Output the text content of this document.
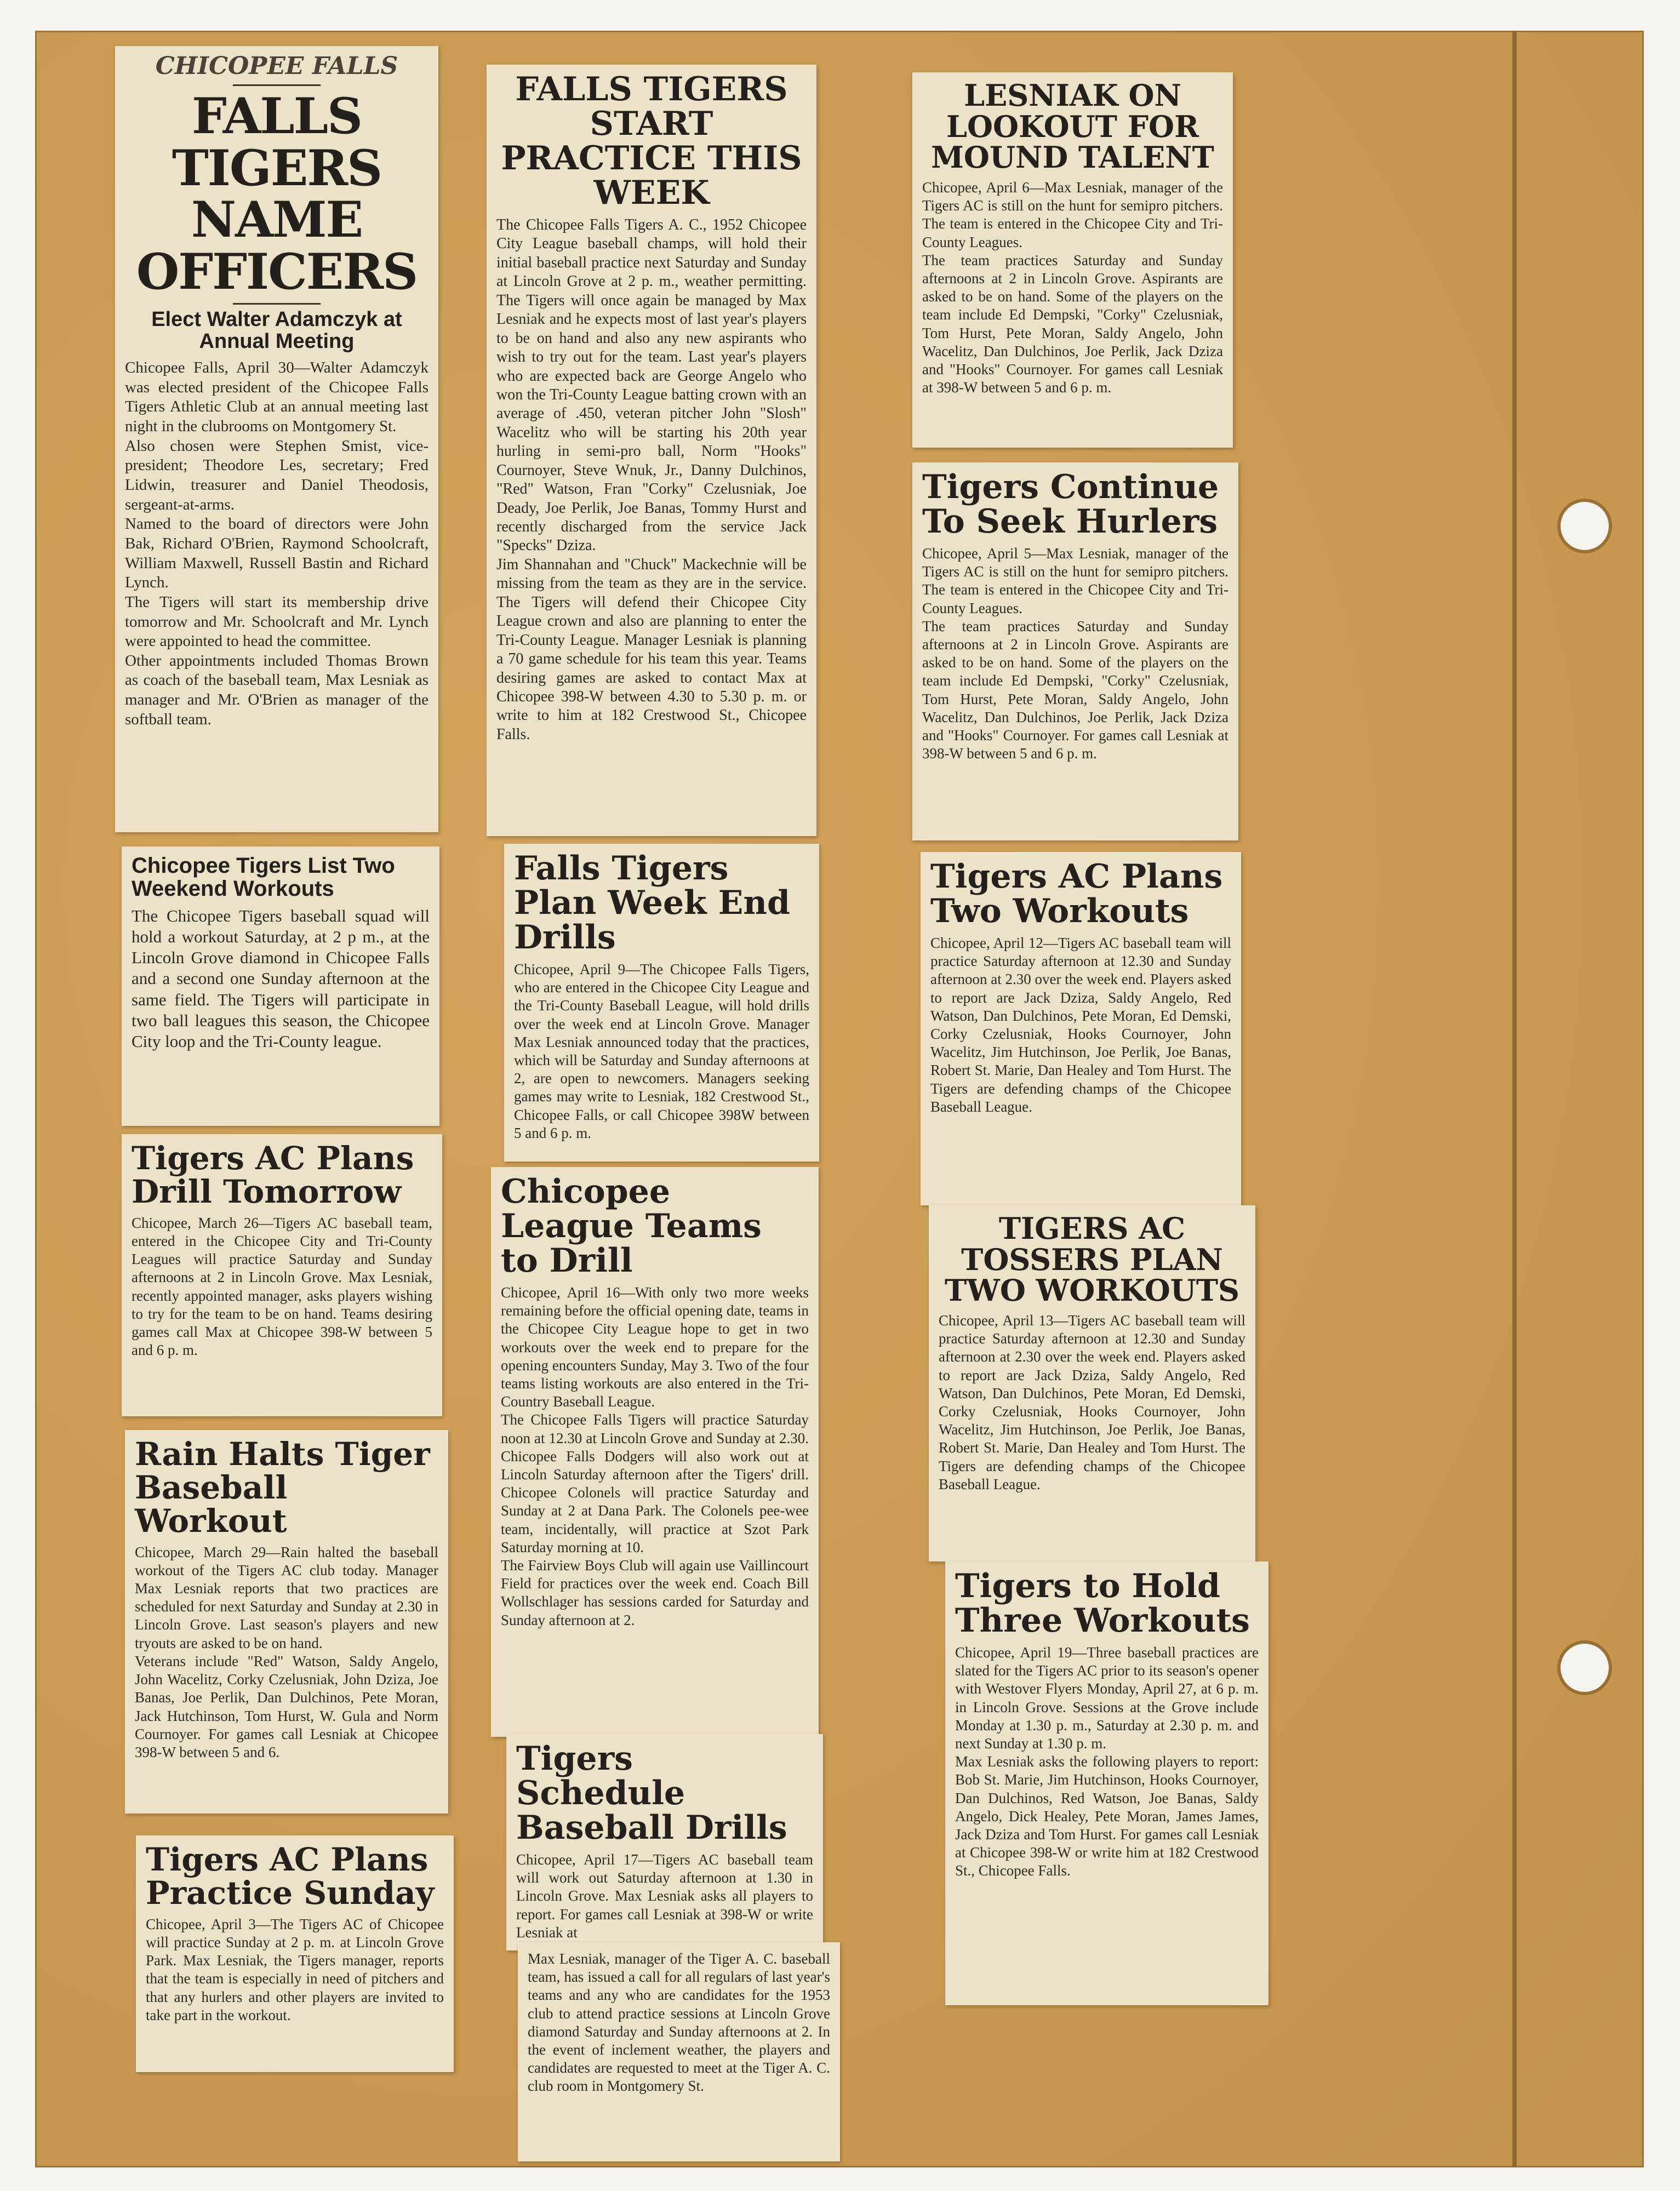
CHICOPEE FALLS
FALLS TIGERS NAME OFFICERS
Elect Walter Adamczyk at Annual Meeting

Chicopee Falls, April 30—Walter Adamczyk was elected president of the Chicopee Falls Tigers Athletic Club at an annual meeting last night in the clubrooms on Montgomery St.
Also chosen were Stephen Smist, vice-president; Theodore Les, secretary; Fred Lidwin, treasurer and Daniel Theodosis, sergeant-at-arms.
Named to the board of directors were John Bak, Richard O'Brien, Raymond Schoolcraft, William Maxwell, Russell Bastin and Richard Lynch.
The Tigers will start its membership drive tomorrow and Mr. Schoolcraft and Mr. Lynch were appointed to head the committee.
Other appointments included Thomas Brown as coach of the baseball team, Max Lesniak as manager and Mr. O'Brien as manager of the softball team.

Chicopee Tigers List Two Weekend Workouts

The Chicopee Tigers baseball squad will hold a workout Saturday, at 2 p m., at the Lincoln Grove diamond in Chicopee Falls and a second one Sunday afternoon at the same field. The Tigers will participate in two ball leagues this season, the Chicopee City loop and the Tri-County league.

Tigers AC Plans Drill Tomorrow

Chicopee, March 26—Tigers AC baseball team, entered in the Chicopee City and Tri-County Leagues will practice Saturday and Sunday afternoons at 2 in Lincoln Grove. Max Lesniak, recently appointed manager, asks players wishing to try for the team to be on hand. Teams desiring games call Max at Chicopee 398-W between 5 and 6 p. m.

Rain Halts Tiger Baseball Workout

Chicopee, March 29—Rain halted the baseball workout of the Tigers AC club today. Manager Max Lesniak reports that two practices are scheduled for next Saturday and Sunday at 2.30 in Lincoln Grove. Last season's players and new tryouts are asked to be on hand.
Veterans include "Red" Watson, Saldy Angelo, John Wacelitz, Corky Czelusniak, John Dziza, Joe Banas, Joe Perlik, Dan Dulchinos, Pete Moran, Jack Hutchinson, Tom Hurst, W. Gula and Norm Cournoyer. For games call Lesniak at Chicopee 398-W between 5 and 6.

Tigers AC Plans Practice Sunday

Chicopee, April 3—The Tigers AC of Chicopee will practice Sunday at 2 p. m. at Lincoln Grove Park. Max Lesniak, the Tigers manager, reports that the team is especially in need of pitchers and that any hurlers and other players are invited to take part in the workout.

FALLS TIGERS START PRACTICE THIS WEEK

The Chicopee Falls Tigers A. C., 1952 Chicopee City League baseball champs, will hold their initial baseball practice next Saturday and Sunday at Lincoln Grove at 2 p. m., weather permitting. The Tigers will once again be managed by Max Lesniak and he expects most of last year's players to be on hand and also any new aspirants who wish to try out for the team. Last year's players who are expected back are George Angelo who won the Tri-County League batting crown with an average of .450, veteran pitcher John "Slosh" Wacelitz who will be starting his 20th year hurling in semi-pro ball, Norm "Hooks" Cournoyer, Steve Wnuk, Jr., Danny Dulchinos, "Red" Watson, Fran "Corky" Czelusniak, Joe Deady, Joe Perlik, Joe Banas, Tommy Hurst and recently discharged from the service Jack "Specks" Dziza.
Jim Shannahan and "Chuck" Mackechnie will be missing from the team as they are in the service. The Tigers will defend their Chicopee City League crown and also are planning to enter the Tri-County League. Manager Lesniak is planning a 70 game schedule for his team this year. Teams desiring games are asked to contact Max at Chicopee 398-W between 4.30 to 5.30 p. m. or write to him at 182 Crestwood St., Chicopee Falls.

Falls Tigers Plan Week End Drills

Chicopee, April 9—The Chicopee Falls Tigers, who are entered in the Chicopee City League and the Tri-County Baseball League, will hold drills over the week end at Lincoln Grove. Manager Max Lesniak announced today that the practices, which will be Saturday and Sunday afternoons at 2, are open to newcomers. Managers seeking games may write to Lesniak, 182 Crestwood St., Chicopee Falls, or call Chicopee 398W between 5 and 6 p. m.

Chicopee League Teams to Drill

Chicopee, April 16—With only two more weeks remaining before the official opening date, teams in the Chicopee City League hope to get in two workouts over the week end to prepare for the opening encounters Sunday, May 3. Two of the four teams listing workouts are also entered in the Tri-Country Baseball League.
The Chicopee Falls Tigers will practice Saturday noon at 12.30 at Lincoln Grove and Sunday at 2.30. Chicopee Falls Dodgers will also work out at Lincoln Saturday afternoon after the Tigers' drill. Chicopee Colonels will practice Saturday and Sunday at 2 at Dana Park. The Colonels pee-wee team, incidentally, will practice at Szot Park Saturday morning at 10.
The Fairview Boys Club will again use Vaillincourt Field for practices over the week end. Coach Bill Wollschlager has sessions carded for Saturday and Sunday afternoon at 2.

Tigers Schedule Baseball Drills

Chicopee, April 17—Tigers AC baseball team will work out Saturday afternoon at 1.30 in Lincoln Grove. Max Lesniak asks all players to report. For games call Lesniak at 398-W or write Lesniak at

Max Lesniak, manager of the Tiger A. C. baseball team, has issued a call for all regulars of last year's teams and any who are candidates for the 1953 club to attend practice sessions at Lincoln Grove diamond Saturday and Sunday afternoons at 2. In the event of inclement weather, the players and candidates are requested to meet at the Tiger A. C. club room in Montgomery St.

LESNIAK ON LOOKOUT FOR MOUND TALENT

Chicopee, April 6—Max Lesniak, manager of the Tigers AC is still on the hunt for semipro pitchers. The team is entered in the Chicopee City and Tri-County Leagues.
The team practices Saturday and Sunday afternoons at 2 in Lincoln Grove. Aspirants are asked to be on hand. Some of the players on the team include Ed Dempski, "Corky" Czelusniak, Tom Hurst, Pete Moran, Saldy Angelo, John Wacelitz, Dan Dulchinos, Joe Perlik, Jack Dziza and "Hooks" Cournoyer. For games call Lesniak at 398-W between 5 and 6 p. m.

Tigers Continue To Seek Hurlers

Chicopee, April 5—Max Lesniak, manager of the Tigers AC is still on the hunt for semipro pitchers. The team is entered in the Chicopee City and Tri-County Leagues.
The team practices Saturday and Sunday afternoons at 2 in Lincoln Grove. Aspirants are asked to be on hand. Some of the players on the team include Ed Dempski, "Corky" Czelusniak, Tom Hurst, Pete Moran, Saldy Angelo, John Wacelitz, Dan Dulchinos, Joe Perlik, Jack Dziza and "Hooks" Cournoyer. For games call Lesniak at 398-W between 5 and 6 p. m.

Tigers AC Plans Two Workouts

Chicopee, April 12—Tigers AC baseball team will practice Saturday afternoon at 12.30 and Sunday afternoon at 2.30 over the week end. Players asked to report are Jack Dziza, Saldy Angelo, Red Watson, Dan Dulchinos, Pete Moran, Ed Demski, Corky Czelusniak, Hooks Cournoyer, John Wacelitz, Jim Hutchinson, Joe Perlik, Joe Banas, Robert St. Marie, Dan Healey and Tom Hurst. The Tigers are defending champs of the Chicopee Baseball League.

TIGERS AC TOSSERS PLAN TWO WORKOUTS

Chicopee, April 13—Tigers AC baseball team will practice Saturday afternoon at 12.30 and Sunday afternoon at 2.30 over the week end. Players asked to report are Jack Dziza, Saldy Angelo, Red Watson, Dan Dulchinos, Pete Moran, Ed Demski, Corky Czelusniak, Hooks Cournoyer, John Wacelitz, Jim Hutchinson, Joe Perlik, Joe Banas, Robert St. Marie, Dan Healey and Tom Hurst. The Tigers are defending champs of the Chicopee Baseball League.

Tigers to Hold Three Workouts

Chicopee, April 19—Three baseball practices are slated for the Tigers AC prior to its season's opener with Westover Flyers Monday, April 27, at 6 p. m. in Lincoln Grove. Sessions at the Grove include Monday at 1.30 p. m., Saturday at 2.30 p. m. and next Sunday at 1.30 p. m.
Max Lesniak asks the following players to report: Bob St. Marie, Jim Hutchinson, Hooks Cournoyer, Dan Dulchinos, Red Watson, Joe Banas, Saldy Angelo, Dick Healey, Pete Moran, James James, Jack Dziza and Tom Hurst. For games call Lesniak at Chicopee 398-W or write him at 182 Crestwood St., Chicopee Falls.
